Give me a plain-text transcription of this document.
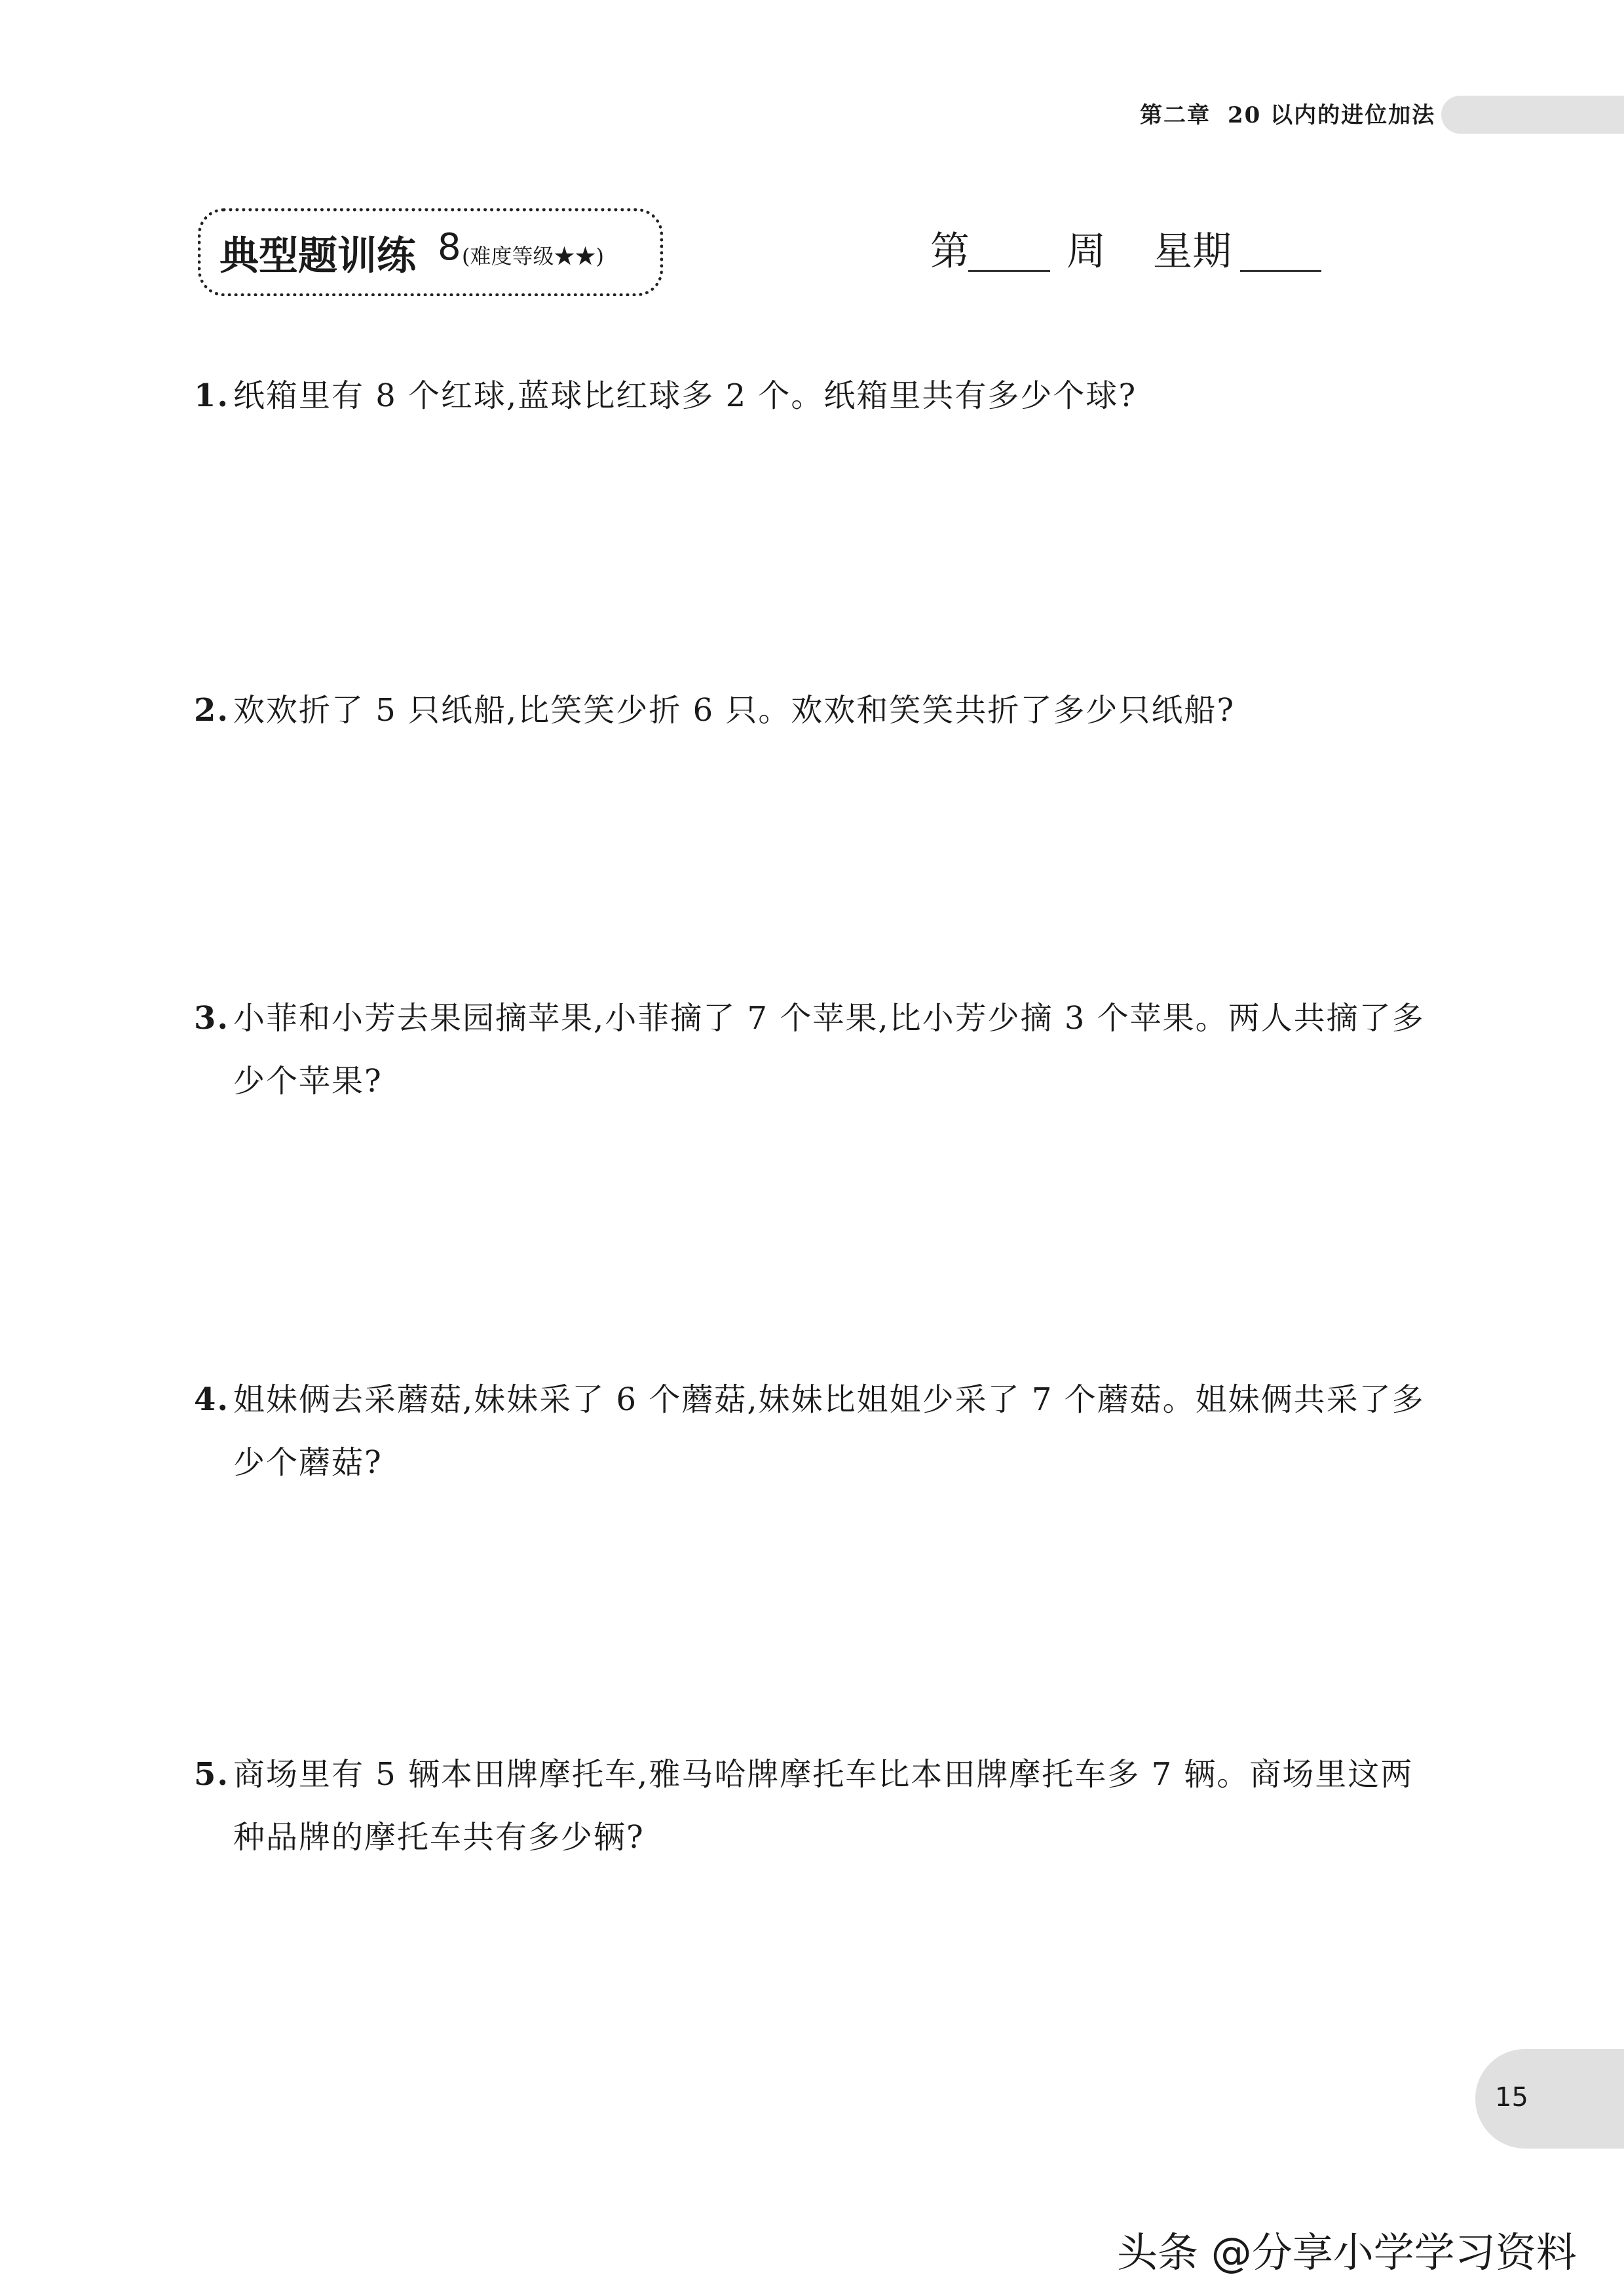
第二章 20 以内的进位加法
典型题训练 8 (难度等级★★)	第 周 星期
1. 纸箱里有 8 个红球,蓝球比红球多 2 个。纸箱里共有多少个球?
2. 欢欢折了 5 只纸船,比笑笑少折 6 只。欢欢和笑笑共折了多少只纸船?
3. 小菲和小芳去果园摘苹果,小菲摘了 7 个苹果,比小芳少摘 3 个苹果。两人共摘了多少个苹果?
4. 姐妹俩去采蘑菇,妹妹采了 6 个蘑菇,妹妹比姐姐少采了 7 个蘑菇。姐妹俩共采了多少个蘑菇?
5. 商场里有 5 辆本田牌摩托车,雅马哈牌摩托车比本田牌摩托车多 7 辆。商场里这两种品牌的摩托车共有多少辆?
15
头条 @分享小学学习资料
